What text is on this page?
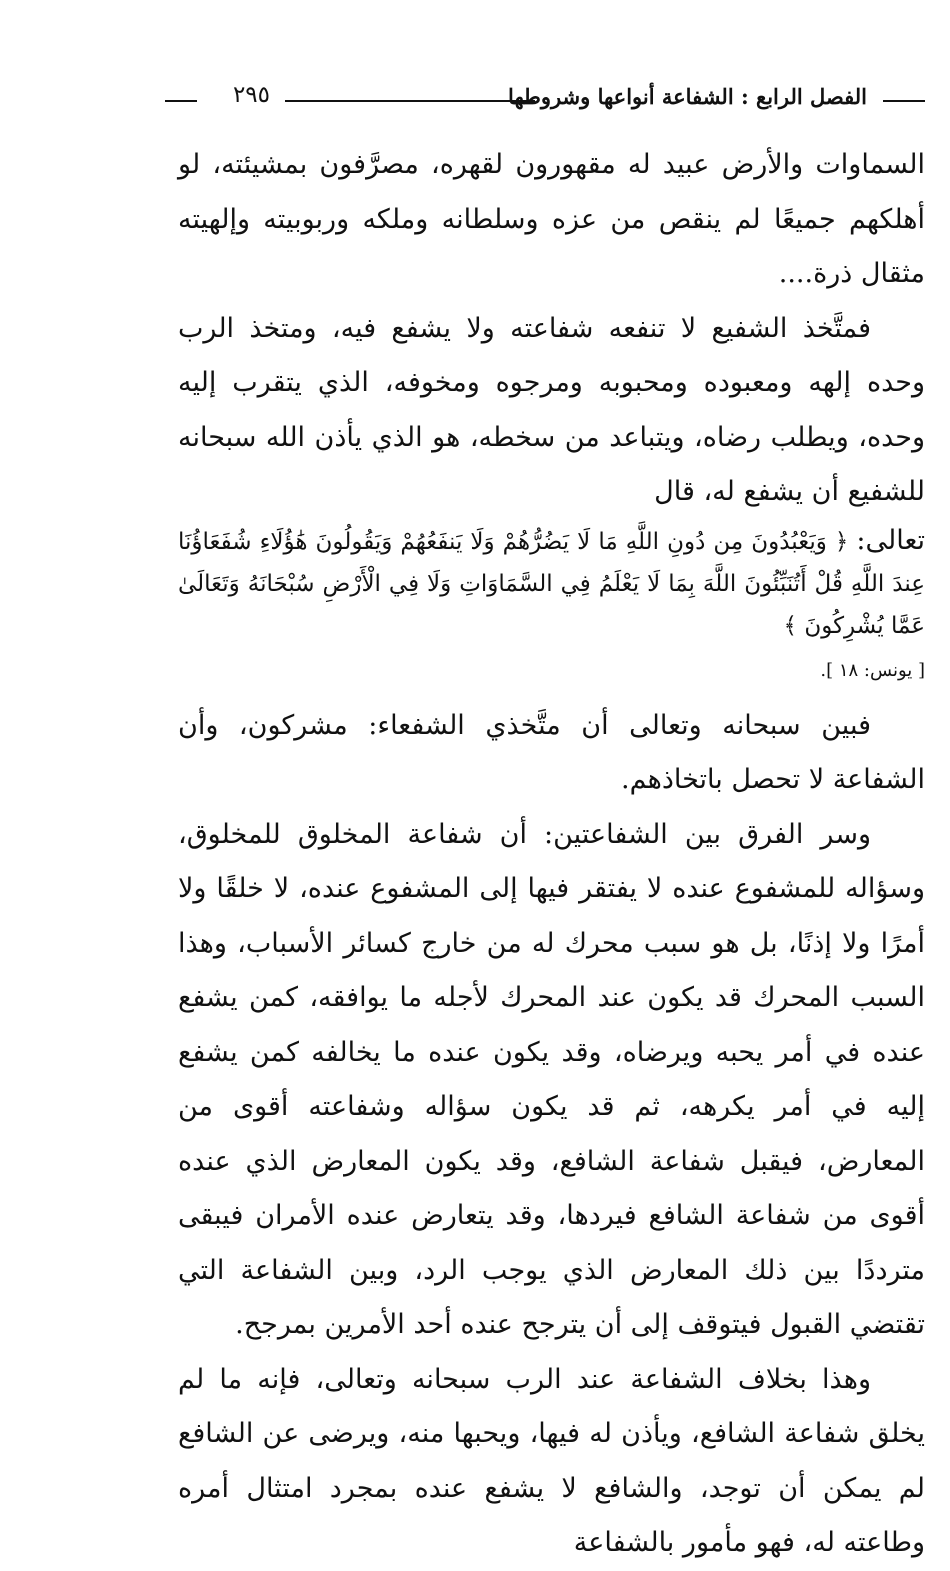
الفصل الرابع : الشفاعة أنواعها وشروطها
٢٩٥

السماوات والأرض عبيد له مقهورون لقهره، مصرَّفون بمشيئته، لو أهلكهم جميعًا لم ينقص من عزه وسلطانه وملكه وربوبيته وإلهيته مثقال ذرة....

فمتَّخذ الشفيع لا تنفعه شفاعته ولا يشفع فيه، ومتخذ الرب وحده إلهه ومعبوده ومحبوبه ومرجوه ومخوفه، الذي يتقرب إليه وحده، ويطلب رضاه، ويتباعد من سخطه، هو الذي يأذن الله سبحانه للشفيع أن يشفع له، قال

تعالى: ﴿ وَيَعْبُدُونَ مِن دُونِ اللَّهِ مَا لَا يَضُرُّهُمْ وَلَا يَنفَعُهُمْ وَيَقُولُونَ هَٰؤُلَاءِ شُفَعَاؤُنَا عِندَ اللَّهِ قُلْ أَتُنَبِّئُونَ اللَّهَ بِمَا لَا يَعْلَمُ فِي السَّمَاوَاتِ وَلَا فِي الْأَرْضِ سُبْحَانَهُ وَتَعَالَىٰ عَمَّا يُشْرِكُونَ ﴾

[ يونس: ١٨ ].

فبين سبحانه وتعالى أن متَّخذي الشفعاء: مشركون، وأن الشفاعة لا تحصل باتخاذهم.

وسر الفرق بين الشفاعتين: أن شفاعة المخلوق للمخلوق، وسؤاله للمشفوع عنده لا يفتقر فيها إلى المشفوع عنده، لا خلقًا ولا أمرًا ولا إذنًا، بل هو سبب محرك له من خارج كسائر الأسباب، وهذا السبب المحرك قد يكون عند المحرك لأجله ما يوافقه، كمن يشفع عنده في أمر يحبه ويرضاه، وقد يكون عنده ما يخالفه كمن يشفع إليه في أمر يكرهه، ثم قد يكون سؤاله وشفاعته أقوى من المعارض، فيقبل شفاعة الشافع، وقد يكون المعارض الذي عنده أقوى من شفاعة الشافع فيردها، وقد يتعارض عنده الأمران فيبقى مترددًا بين ذلك المعارض الذي يوجب الرد، وبين الشفاعة التي تقتضي القبول فيتوقف إلى أن يترجح عنده أحد الأمرين بمرجح.

وهذا بخلاف الشفاعة عند الرب سبحانه وتعالى، فإنه ما لم يخلق شفاعة الشافع، ويأذن له فيها، ويحبها منه، ويرضى عن الشافع لم يمكن أن توجد، والشافع لا يشفع عنده بمجرد امتثال أمره وطاعته له، فهو مأمور بالشفاعة
